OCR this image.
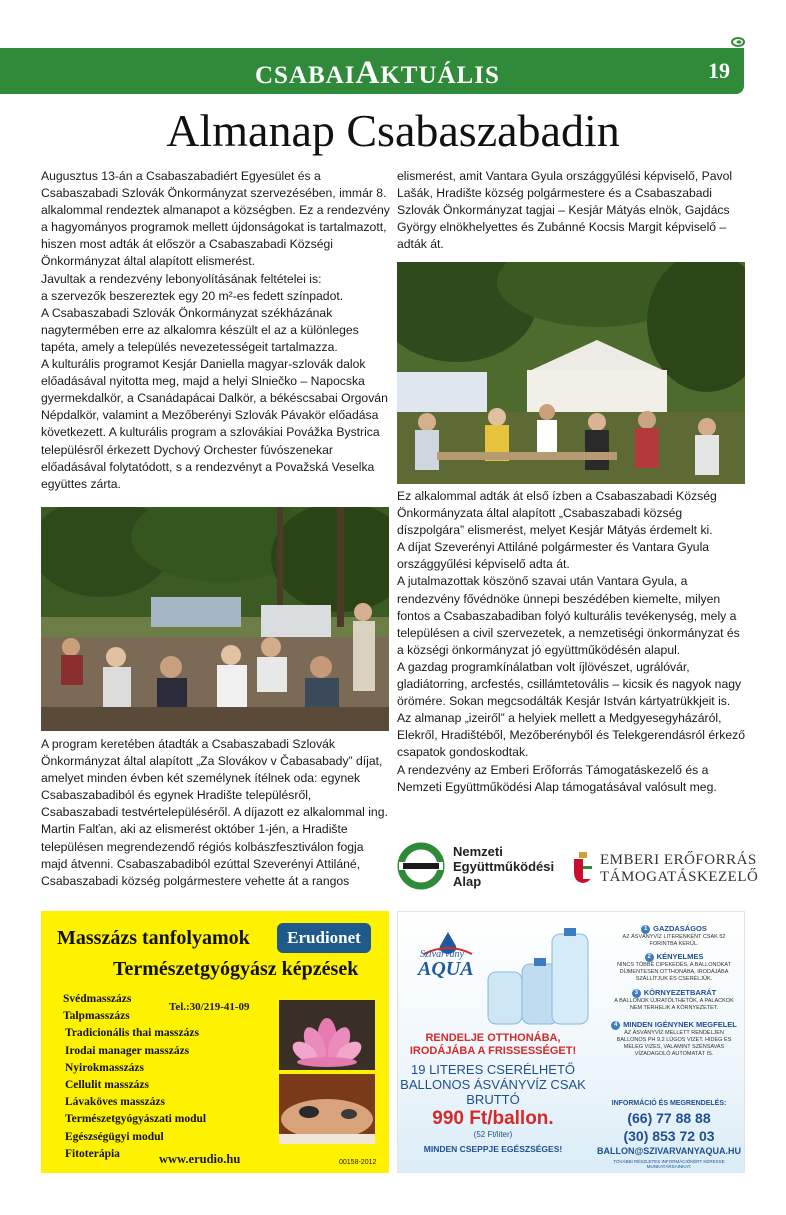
CSABAIAKTUÁLIS	19
Almanap Csabaszabadin

Augusztus 13-án a Csabaszabadiért Egyesület és a Csabaszabadi Szlovák Önkormányzat szervezésében, immár 8. alkalommal rendeztek almanapot a községben. Ez a rendezvény a hagyományos programok mellett újdonságokat is tartalmazott, hiszen most adták át először a Csabaszabadi Községi Önkormányzat által alapított elismerést.

Javultak a rendezvény lebonyolításának feltételei is:

a szervezők beszereztek egy 20 m²-es fedett színpadot.

A Csabaszabadi Szlovák Önkormányzat székházának nagytermében erre az alkalomra készült el az a különleges tapéta, amely a település nevezetességeit tartalmazza.

A kulturális programot Kesjár Daniella magyar-szlovák dalok előadásával nyitotta meg, majd a helyi Slniečko – Napocska gyermekdalkör, a Csanádapácai Dalkör, a békéscsabai Orgován Népdalkör, valamint a Mezőberényi Szlovák Pávakör előadása következett. A kulturális program a szlovákiai Povážka Bystrica településről érkezett Dychový Orchester fúvószenekar előadásával folytatódott, s a rendezvényt a Považská Veselka együttes zárta.

A program keretében átadták a Csabaszabadi Szlovák Önkormányzat által alapított „Za Slovákov v Čabasabady” díjat, amelyet minden évben két személynek ítélnek oda: egynek Csabaszabadiból és egynek Hradište településről, Csabaszabadi testvértelepüléséről. A díjazott ez alkalommal ing. Martin Falťan, aki az elismerést október 1-jén, a Hradište településen megrendezendő régiós kolbászfesztiválon fogja majd átvenni. Csabaszabadiból ezúttal Szeverényi Attiláné, Csabaszabadi község polgármestere vehette át a rangos

elismerést, amit Vantara Gyula országgyűlési képviselő, Pavol Lašák, Hradište község polgármestere és a Csabaszabadi Szlovák Önkormányzat tagjai – Kesjár Mátyás elnök, Gajdács György elnökhelyettes és Zubánné Kocsis Margit képviselő – adták át.

Ez alkalommal adták át első ízben a Csabaszabadi Község Önkormányzata által alapított „Csabaszabadi község díszpolgára” elismerést, melyet Kesjár Mátyás érdemelt ki.

A díjat Szeverényi Attiláné polgármester és Vantara Gyula országgyűlési képviselő adta át.

A jutalmazottak köszönő szavai után Vantara Gyula, a rendezvény fővédnöke ünnepi beszédében kiemelte, milyen fontos a Csabaszabadiban folyó kulturális tevékenység, mely a településen a civil szervezetek, a nemzetiségi önkormányzat és a községi önkormányzat jó együttműködésén alapul.

A gazdag programkínálatban volt íjlövészet, ugrálóvár, gladiátorring, arcfestés, csillámtetovális – kicsik és nagyok nagy örömére. Sokan megcsodálták Kesjár István kártyatrükkjeit is.

Az almanap „izeiről” a helyiek mellett a Medgyesegyházáról, Elekről, Hradištéből, Mezőberényből és Telekgerendásról érkező csapatok gondoskodtak.

A rendezvény az Emberi Erőforrás Támogatáskezelő és a Nemzeti Együttműködési Alap támogatásával valósult meg.

Nemzeti
Együttműködési
Alap
EMBERI ERŐFORRÁS
TÁMOGATÁSKEZELŐ
Masszázs tanfolyamok	Erudionet
Természetgyógyász képzések
Svédmasszázs
Talpmasszázs
Tradicionális thai masszázs
Irodai manager masszázs
Nyirokmasszázs
Cellulit masszázs
Lávaköves masszázs
Természetgyógyászati modul
Egészségügyi modul
Fitoterápia
Tel.:30/219-41-09
www.erudio.hu	00158-2012
Szivárvány
AQUA
1 GAZDASÁGOS
AZ ÁSVÁNYVÍZ LITERENKÉNT CSAK 52 FORINTBA KERÜL.
2 KÉNYELMES
NINCS TÖBBÉ CIPEKEDÉS, A BALLONOKAT DÍJMENTESEN OTTHONÁBA, IRODÁJÁBA SZÁLLÍTJUK ÉS CSERÉLJÜK.
3 KÖRNYEZETBARÁT
A BALLONOK ÚJRATÖLTHETŐK, A PALACKOK NEM TERHELIK A KÖRNYEZETET.
4 MINDEN IGÉNYNEK MEGFELEL
AZ ÁSVÁNYVÍZ MELLETT RENDELJEN BALLONOS PH 9,2 LÚGOS VIZET. HIDEG ÉS MELEG VIZES, VALAMINT SZÉNSAVAS VÍZADAGOLÓ AUTOMATÁT IS.
RENDELJE OTTHONÁBA, IRODÁJÁBA A FRISSESSÉGET!
19 LITERES CSERÉLHETŐ BALLONOS ÁSVÁNYVÍZ CSAK BRUTTÓ
990 Ft/ballon.
(52 Ft/liter)
MINDEN CSEPPJE EGÉSZSÉGES!
INFORMÁCIÓ ÉS MEGRENDELÉS:
(66) 77 88 88
(30) 853 72 03
BALLON@SZIVARVANYAQUA.HU
TOVÁBBI RÉSZLETES INFORMÁCIÓKÉRT KERESSE MUNKATÁRSAINKAT.
